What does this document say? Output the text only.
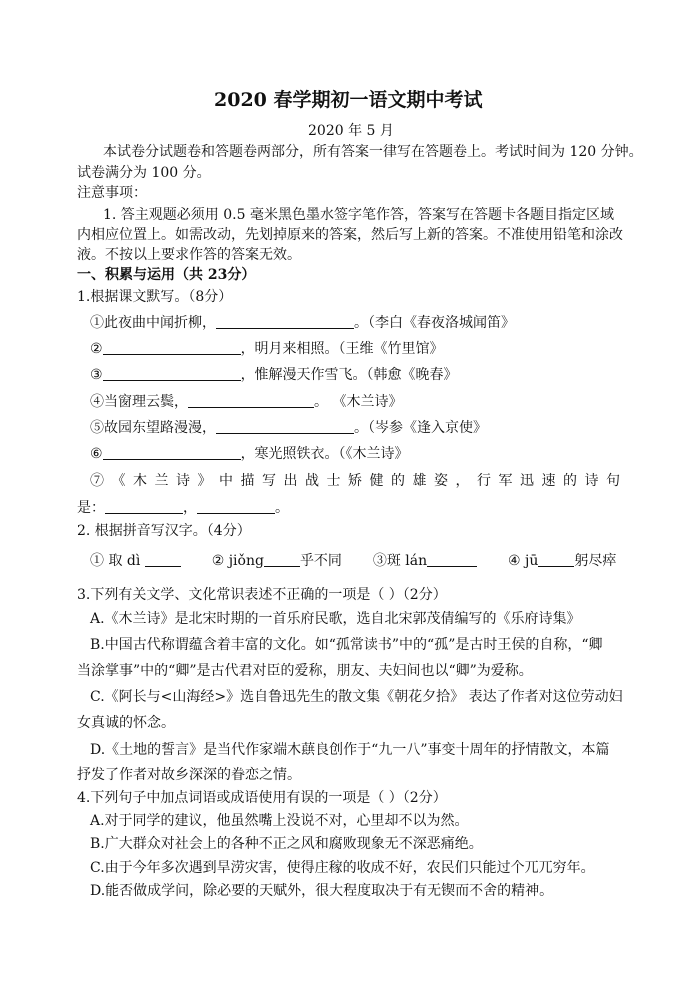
2020 春学期初一语文期中考试
2020 年 5 月
本试卷分试题卷和答题卷两部分，所有答案一律写在答题卷上。考试时间为 120 分钟。
试卷满分为 100 分。
注意事项：
1. 答主观题必须用 0.5 毫米黑色墨水签字笔作答，答案写在答题卡各题目指定区域
内相应位置上。如需改动，先划掉原来的答案，然后写上新的答案。不准使用铅笔和涂改
液。不按以上要求作答的答案无效。
一、积累与运用（共 23分）
1.根据课文默写。（8分）
①此夜曲中闻折柳，	。（李白《春夜洛城闻笛》
②	，明月来相照。（王维《竹里馆》
③	，惟解漫天作雪飞。（韩愈《晚春》
④当窗理云鬓，	。 《木兰诗》
⑤故园东望路漫漫，	。（岑参《逢入京使》
⑥	，寒光照铁衣。（《木兰诗》
⑦《木兰诗》中描写出战士矫健的雄姿，行军迅速的诗句
是：	，	。
2. 根据拼音写汉字。（4分）
① 取 dì	② jiǒng	乎不同 ③斑 lán	④ jū	躬尽瘁
3.下列有关文学、文化常识表述不正确的一项是（ ）（2分）
A.《木兰诗》是北宋时期的一首乐府民歌，选自北宋郭茂倩编写的《乐府诗集》
B.中国古代称谓蕴含着丰富的文化。如“孤常读书”中的“孤”是古时王侯的自称，“卿
当涂掌事”中的“卿”是古代君对臣的爱称，朋友、夫妇间也以“卿”为爱称。
C.《阿长与<山海经>》选自鲁迅先生的散文集《朝花夕拾》 表达了作者对这位劳动妇
女真诚的怀念。
D.《土地的誓言》是当代作家端木蕻良创作于“九一八”事变十周年的抒情散文，本篇
抒发了作者对故乡深深的眷恋之情。
4.下列句子中加点词语或成语使用有误的一项是（ ）（2分）
A.对于同学的建议，他虽然嘴上没说不对，心里却不以为然。
B.广大群众对社会上的各种不正之风和腐败现象无不深恶痛绝。
C.由于今年多次遇到旱涝灾害，使得庄稼的收成不好，农民们只能过个兀兀穷年。
D.能否做成学问，除必要的天赋外，很大程度取决于有无锲而不舍的精神。
